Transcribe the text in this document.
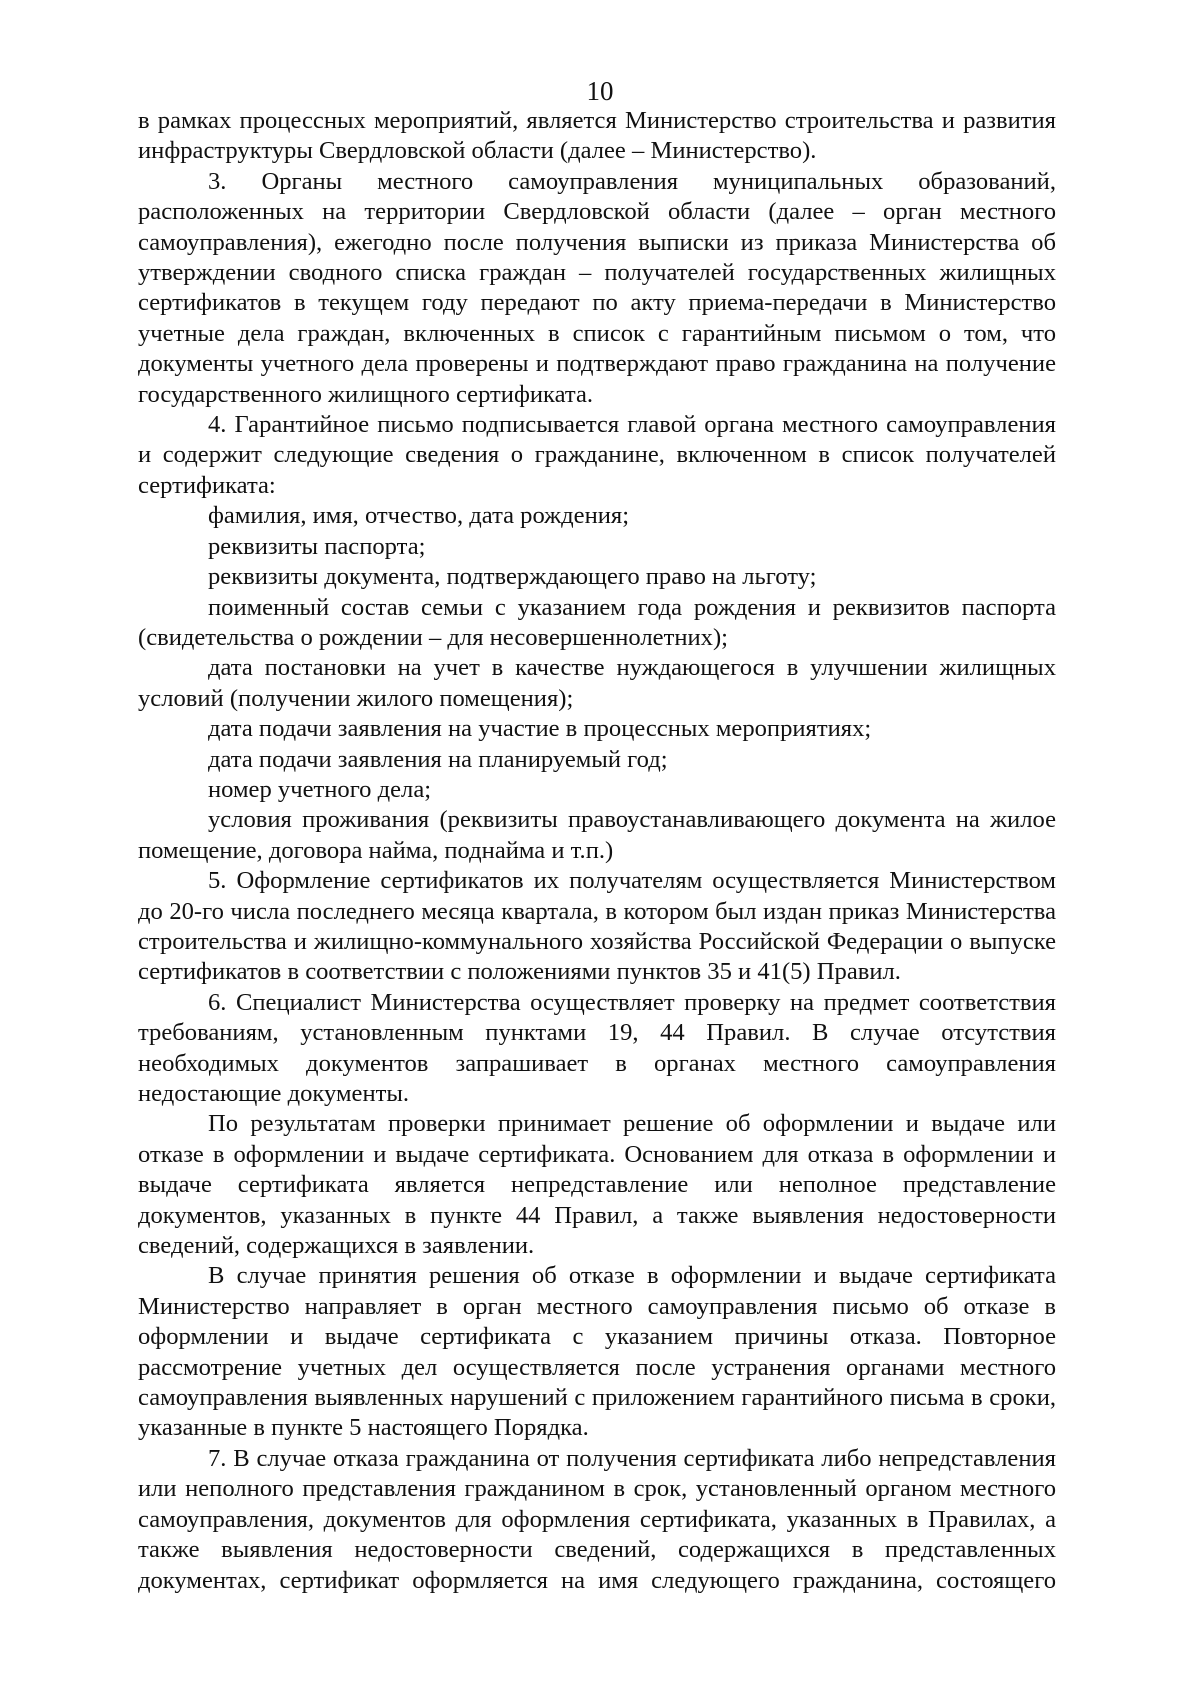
10

в рамках процессных мероприятий, является Министерство строительства и развития инфраструктуры Свердловской области (далее – Министерство).

3. Органы местного самоуправления муниципальных образований, расположенных на территории Свердловской области (далее – орган местного самоуправления), ежегодно после получения выписки из приказа Министерства об утверждении сводного списка граждан – получателей государственных жилищных сертификатов в текущем году передают по акту приема-передачи в Министерство учетные дела граждан, включенных в список с гарантийным письмом о том, что документы учетного дела проверены и подтверждают право гражданина на получение государственного жилищного сертификата.

4. Гарантийное письмо подписывается главой органа местного самоуправления и содержит следующие сведения о гражданине, включенном в список получателей сертификата:

фамилия, имя, отчество, дата рождения;

реквизиты паспорта;

реквизиты документа, подтверждающего право на льготу;

поименный состав семьи с указанием года рождения и реквизитов паспорта (свидетельства о рождении – для несовершеннолетних);

дата постановки на учет в качестве нуждающегося в улучшении жилищных условий (получении жилого помещения);

дата подачи заявления на участие в процессных мероприятиях;

дата подачи заявления на планируемый год;

номер учетного дела;

условия проживания (реквизиты правоустанавливающего документа на жилое помещение, договора найма, поднайма и т.п.)

5. Оформление сертификатов их получателям осуществляется Министерством до 20-го числа последнего месяца квартала, в котором был издан приказ Министерства строительства и жилищно-коммунального хозяйства Российской Федерации о выпуске сертификатов в соответствии с положениями пунктов 35 и 41(5) Правил.

6. Специалист Министерства осуществляет проверку на предмет соответствия требованиям, установленным пунктами 19, 44 Правил. В случае отсутствия необходимых документов запрашивает в органах местного самоуправления недостающие документы.

По результатам проверки принимает решение об оформлении и выдаче или отказе в оформлении и выдаче сертификата. Основанием для отказа в оформлении и выдаче сертификата является непредставление или неполное представление документов, указанных в пункте 44 Правил, а также выявления недостоверности сведений, содержащихся в заявлении.

В случае принятия решения об отказе в оформлении и выдаче сертификата Министерство направляет в орган местного самоуправления письмо об отказе в оформлении и выдаче сертификата с указанием причины отказа. Повторное рассмотрение учетных дел осуществляется после устранения органами местного самоуправления выявленных нарушений с приложением гарантийного письма в сроки, указанные в пункте 5 настоящего Порядка.

7. В случае отказа гражданина от получения сертификата либо непредставления или неполного представления гражданином в срок, установленный органом местного самоуправления, документов для оформления сертификата, указанных в Правилах, а также выявления недостоверности сведений, содержащихся в представленных документах, сертификат оформляется на имя следующего гражданина, состоящего
